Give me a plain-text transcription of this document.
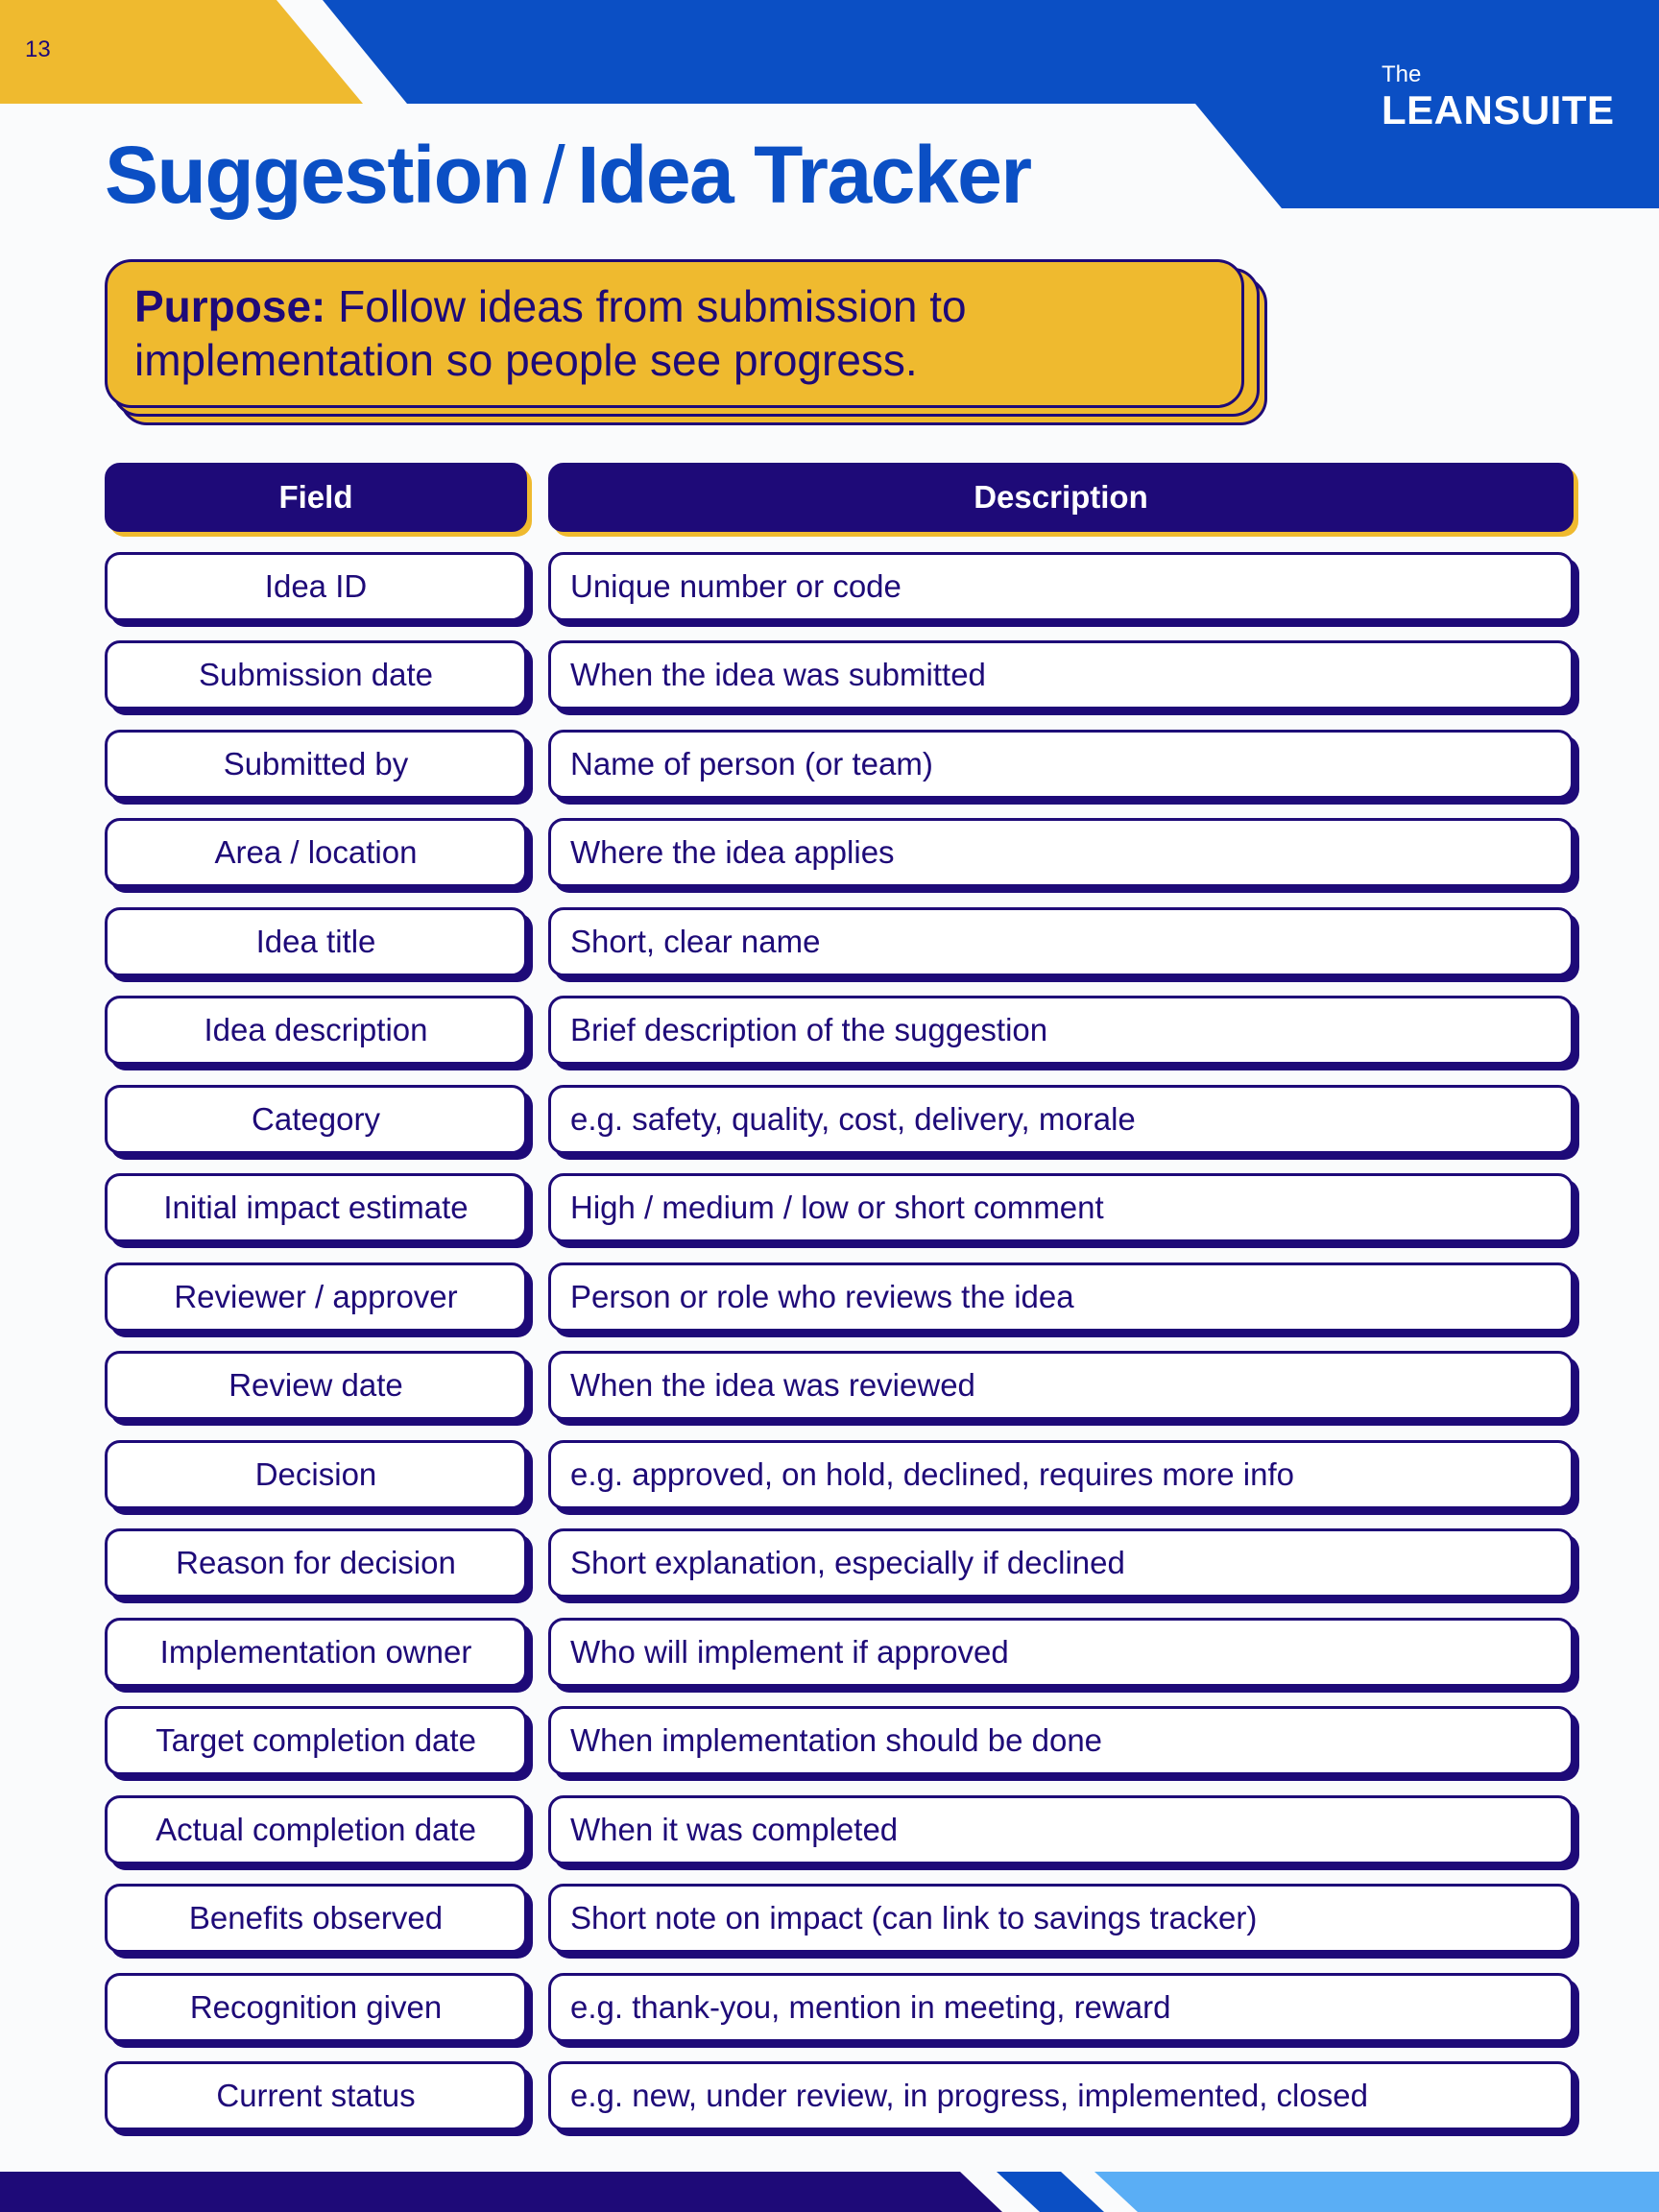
13
The
LEANSUITE
Suggestion / Idea Tracker
Purpose: Follow ideas from submission to implementation so people see progress.
Field	Description
Idea ID	Unique number or code
Submission date	When the idea was submitted
Submitted by	Name of person (or team)
Area / location	Where the idea applies
Idea title	Short, clear name
Idea description	Brief description of the suggestion
Category	e.g. safety, quality, cost, delivery, morale
Initial impact estimate	High / medium / low or short comment
Reviewer / approver	Person or role who reviews the idea
Review date	When the idea was reviewed
Decision	e.g. approved, on hold, declined, requires more info
Reason for decision	Short explanation, especially if declined
Implementation owner	Who will implement if approved
Target completion date	When implementation should be done
Actual completion date	When it was completed
Benefits observed	Short note on impact (can link to savings tracker)
Recognition given	e.g. thank-you, mention in meeting, reward
Current status	e.g. new, under review, in progress, implemented, closed
